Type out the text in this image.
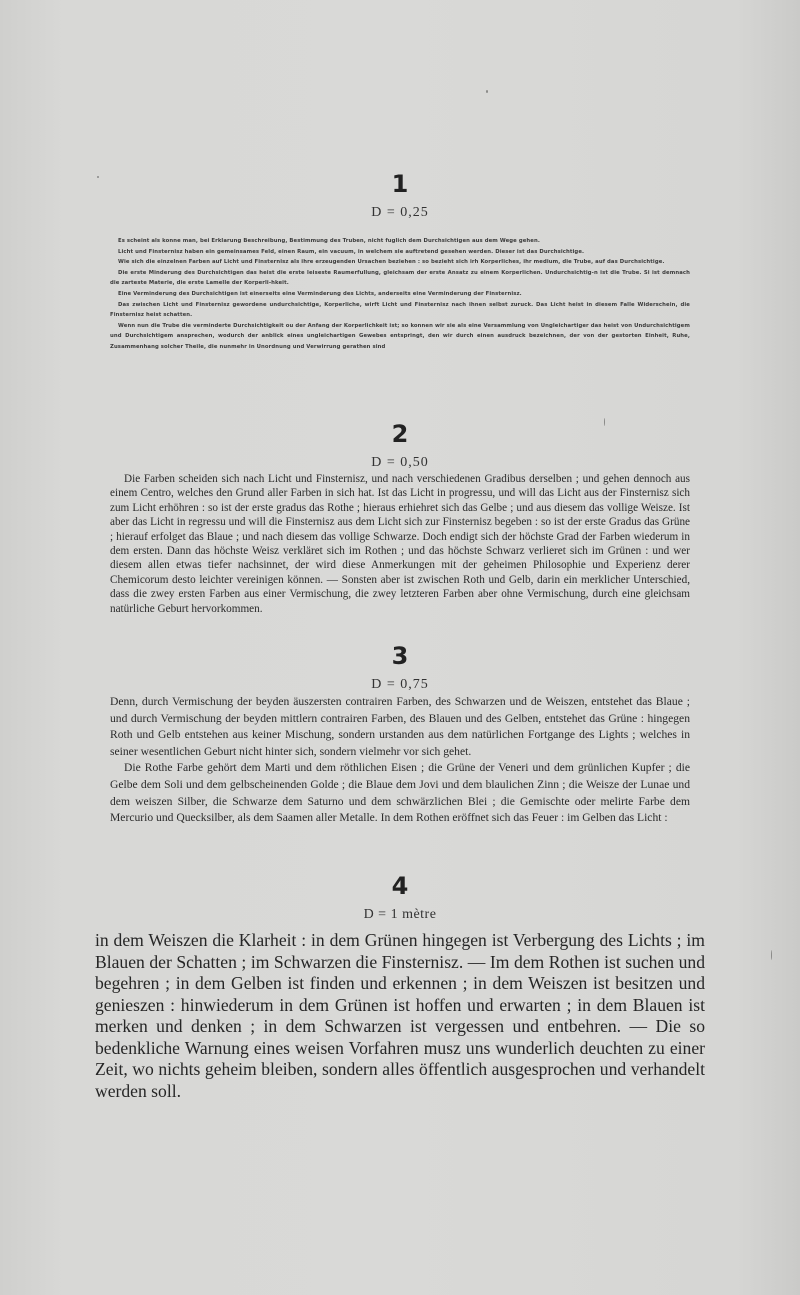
1
D = 0,25

Es scheint als konne man, bei Erklarung Beschreibung, Bestimmung des Truben, nicht fuglich dem Durchsichtigen aus dem Wege gehen.

Licht und Finsternisz haben ein gemeinsames Feld, einen Raum, ein vacuum, in welchem sie auftretend gesehen werden. Dieser ist das Durchsichtige.

Wie sich die einzelnen Farben auf Licht und Finsternisz als ihre erzeugenden Ursachen beziehen : so bezieht sich irh Korperliches, ihr medium, die Trube, auf das Durchsichtige.

Die erste Minderung des Durchsichtigen das heist die erste leiseste Raumerfullung, gleichsam der erste Ansatz zu einem Korperlichen. Undurchsichtig-n ist die Trube. Si ist demnach die zarteste Materie, die erste Lamelle der Korperli-hkeit.

Eine Verminderung des Durchsichtigen ist einerseits eine Verminderung des Lichts, anderseits eine Verminderung der Finsternisz.

Das zwischen Licht und Finsternisz gewordene undurchsichtige, Korperliche, wirft Licht und Finsternisz nach ihnen selbst zuruck. Das Licht heist in diesem Falle Widerschein, die Finsternisz heist schatten.

Wenn nun die Trube die verminderte Durchsichtigkeit ou der Anfang der Korperlichkeit ist; so konnen wir sie als eine Versammlung von Ungleichartiger das heist von Undurchsichtigem und Durchsichtigem ansprechen, wodurch der anblick eines ungleichartigen Gewebes entspringt, den wir durch einen ausdruck bezeichnen, der von der gestorten Einheit, Ruhe, Zusammenhang solcher Theile, die nunmehr in Unordnung und Verwirrung gerathen sind

2
D = 0,50

Die Farben scheiden sich nach Licht und Finsternisz, und nach verschiedenen Gradibus derselben ; und gehen dennoch aus einem Centro, welches den Grund aller Farben in sich hat. Ist das Licht in progressu, und will das Licht aus der Finsternisz sich zum Licht erhöhren : so ist der erste gradus das Rothe ; hieraus erhiehret sich das Gelbe ; und aus diesem das vollige Weisze. Ist aber das Licht in regressu und will die Finsternisz aus dem Licht sich zur Finsternisz begeben : so ist der erste Gradus das Grüne ; hierauf erfolget das Blaue ; und nach diesem das vollige Schwarze. Doch endigt sich der höchste Grad der Farben wiederum in dem ersten. Dann das höchste Weisz verkläret sich im Rothen ; und das höchste Schwarz verlieret sich im Grünen : und wer diesem allen etwas tiefer nachsinnet, der wird diese Anmerkungen mit der geheimen Philosophie und Experienz derer Chemicorum desto leichter vereinigen können. — Sonsten aber ist zwischen Roth und Gelb, darin ein merklicher Unterschied, dass die zwey ersten Farben aus einer Vermischung, die zwey letzteren Farben aber ohne Vermischung, durch eine gleichsam natürliche Geburt hervorkommen.

3
D = 0,75

Denn, durch Vermischung der beyden äuszersten contrairen Farben, des Schwarzen und de Weiszen, entstehet das Blaue ; und durch Vermischung der beyden mittlern contrairen Farben, des Blauen und des Gelben, entstehet das Grüne : hingegen Roth und Gelb entstehen aus keiner Mischung, sondern urstanden aus dem natürlichen Fortgange des Lights ; welches in seiner wesentlichen Geburt nicht hinter sich, sondern vielmehr vor sich gehet.

Die Rothe Farbe gehört dem Marti und dem röthlichen Eisen ; die Grüne der Veneri und dem grünlichen Kupfer ; die Gelbe dem Soli und dem gelbscheinenden Golde ; die Blaue dem Jovi und dem blaulichen Zinn ; die Weisze der Lunae und dem weiszen Silber, die Schwarze dem Saturno und dem schwärzlichen Blei ; die Gemischte oder melirte Farbe dem Mercurio und Quecksilber, als dem Saamen aller Metalle. In dem Rothen eröffnet sich das Feuer : im Gelben das Licht :

4
D = 1 mètre

in dem Weiszen die Klarheit : in dem Grünen hingegen ist Verbergung des Lichts ; im Blauen der Schatten ; im Schwarzen die Finsternisz. — Im dem Rothen ist suchen und begehren ; in dem Gelben ist finden und erkennen ; in dem Weiszen ist besitzen und genieszen : hinwiederum in dem Grünen ist hoffen und erwarten ; in dem Blauen ist merken und denken ; in dem Schwarzen ist vergessen und entbehren. — Die so bedenkliche Warnung eines weisen Vorfahren musz uns wunderlich deuchten zu einer Zeit, wo nichts geheim bleiben, sondern alles öffentlich ausgesprochen und verhandelt werden soll.
